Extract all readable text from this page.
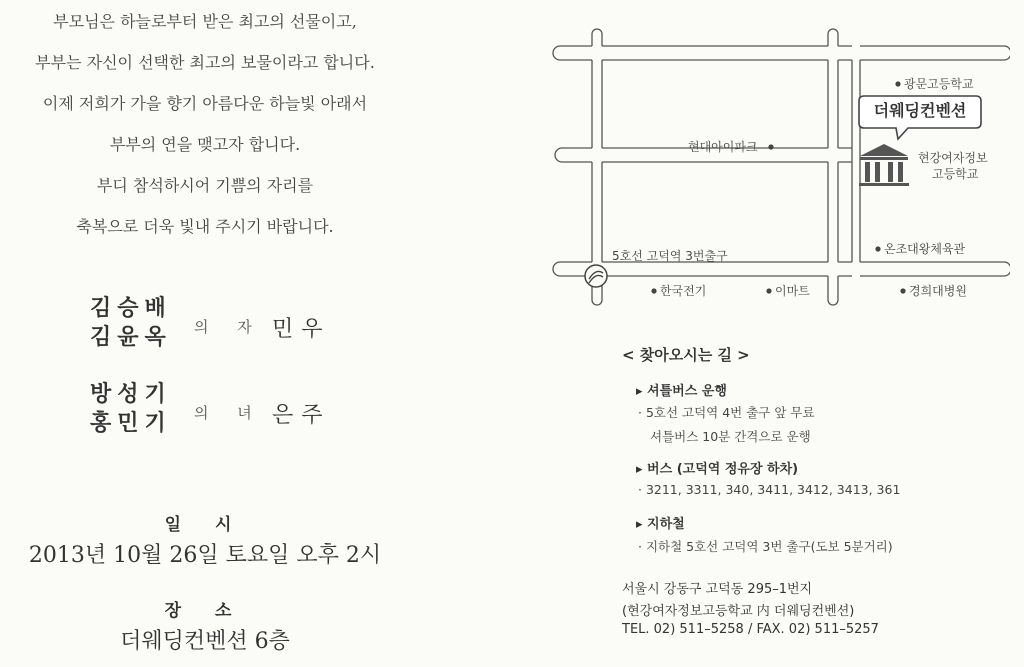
부모님은 하늘로부터 받은 최고의 선물이고,
부부는 자신이 선택한 최고의 보물이라고 합니다.
이제 저희가 가을 향기 아름다운 하늘빛 아래서
부부의 연을 맺고자 합니다.
부디 참석하시어 기쁨의 자리를
축복으로 더욱 빛내 주시기 바랍니다.
김승배
김윤옥 의 자 민우
방성기
홍민기 의 녀 은주
일 시
2013년 10월 26일 토요일 오후 2시
장 소
더웨딩컨벤션 6층
광문고등학교
현대아이파크
현강여자정보
고등학교
5호선 고덕역 3번출구	온조대왕체육관
한국전기	이마트	경희대병원
더웨딩컨벤션
< 찾아오시는 길 >
▸ 셔틀버스 운행
· 5호선 고덕역 4번 출구 앞 무료
셔틀버스 10분 간격으로 운행
▸ 버스 (고덕역 정유장 하차)
· 3211, 3311, 340, 3411, 3412, 3413, 361
▸ 지하철
· 지하철 5호선 고덕역 3번 출구(도보 5분거리)
서울시 강동구 고덕동 295–1번지
(현강여자정보고등학교 内 더웨딩컨벤션)
TEL. 02) 511–5258 / FAX. 02) 511–5257
